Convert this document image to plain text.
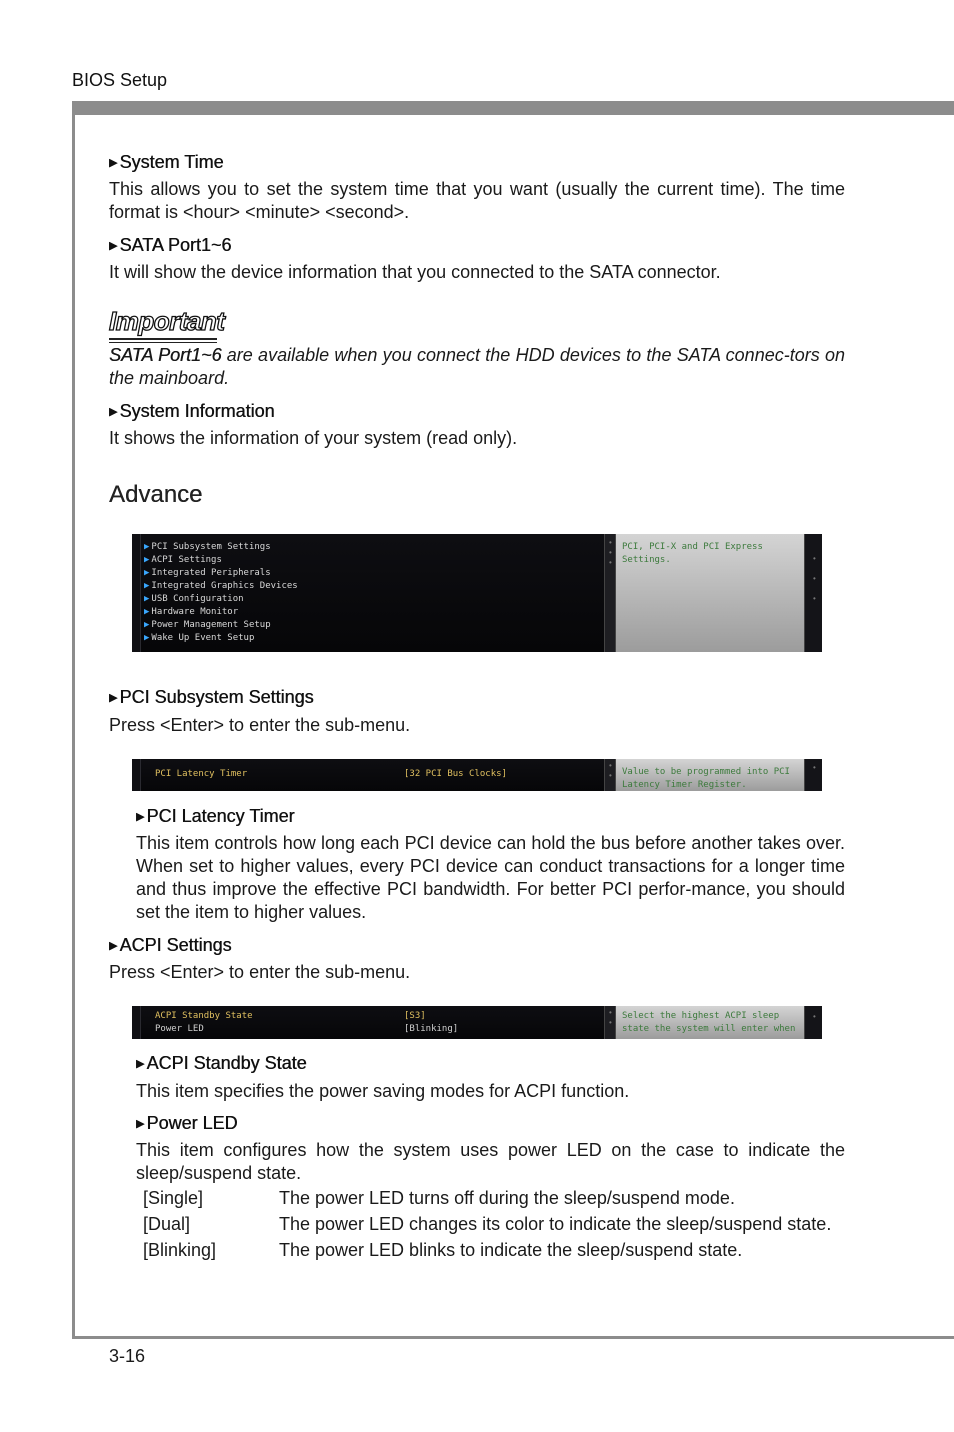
BIOS Setup
▶ System Time
This allows you to set the system time that you want (usually the current time). The time format is <hour> <minute> <second>.
▶ SATA Port1~6
It will show the device information that you connected to the SATA connector.
Important
SATA Port1~6 are available when you connect the HDD devices to the SATA connec-tors on the mainboard.
▶ System Information
It shows the information of your system (read only).
Advance
▶ PCI Subsystem Settings
▶ ACPI Settings
▶ Integrated Peripherals
▶ Integrated Graphics Devices
▶ USB Configuration
▶ Hardware Monitor
▶ Power Management Setup
▶ Wake Up Event Setup
•
•
•
PCI, PCI-X and PCI Express Settings.	•

•

•
▶ PCI Subsystem Settings
Press <Enter> to enter the sub-menu.
PCI Latency Timer	[32 PCI Bus Clocks]
•
•	Value to be programmed into PCI Latency Timer Register.
•
▶ PCI Latency Timer
This item controls how long each PCI device can hold the bus before another takes over. When set to higher values, every PCI device can conduct transactions for a longer time and thus improve the effective PCI bandwidth. For better PCI perfor-mance, you should set the item to higher values.
▶ ACPI Settings
Press <Enter> to enter the sub-menu.
ACPI Standby State	[S3]
Power LED	[Blinking]
•
•
Select the highest ACPI sleep state the system will enter when
•
▶ ACPI Standby State
This item specifies the power saving modes for ACPI function.
▶ Power LED
This item configures how the system uses power LED on the case to indicate the sleep/suspend state.
[Single]	The power LED turns off during the sleep/suspend mode.
[Dual]	The power LED changes its color to indicate the sleep/suspend state.
[Blinking]	The power LED blinks to indicate the sleep/suspend state.
3-16
